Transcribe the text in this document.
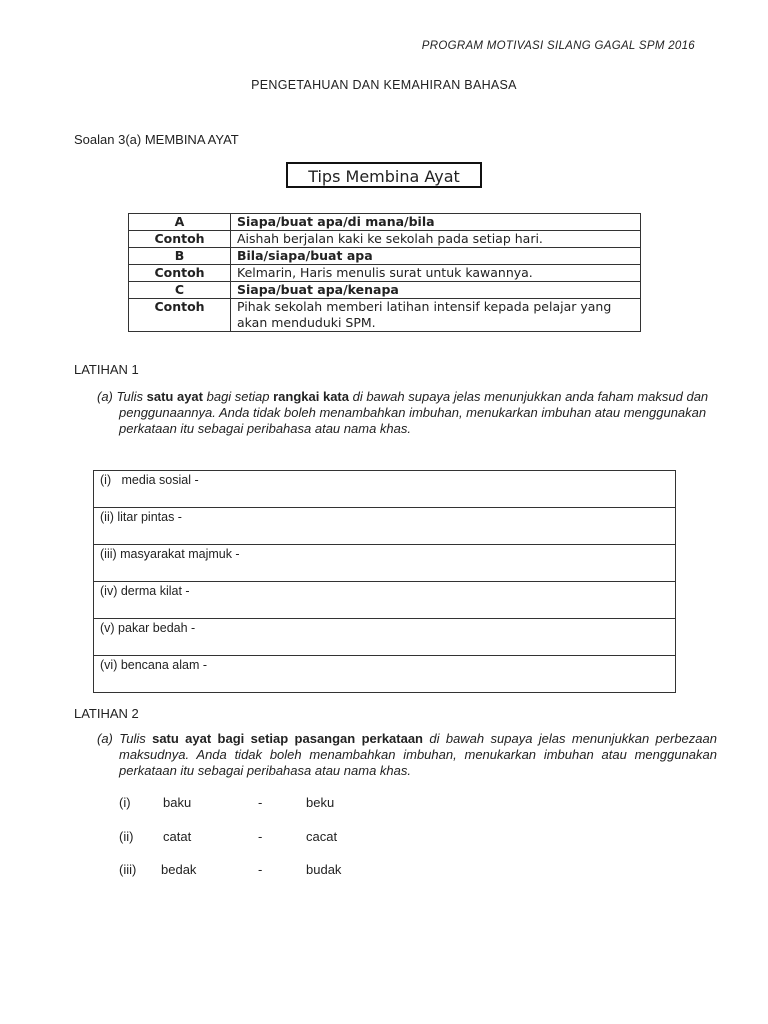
PROGRAM MOTIVASI SILANG GAGAL SPM 2016
PENGETAHUAN DAN KEMAHIRAN BAHASA
Soalan 3(a) MEMBINA AYAT
Tips Membina Ayat
A	Siapa/buat apa/di mana/bila
Contoh	Aishah berjalan kaki ke sekolah pada setiap hari.
B	Bila/siapa/buat apa
Contoh	Kelmarin, Haris menulis surat untuk kawannya.
C	Siapa/buat apa/kenapa
Contoh	Pihak sekolah memberi latihan intensif kepada pelajar yang akan menduduki SPM.
LATIHAN 1
(a) Tulis satu ayat bagi setiap rangkai kata di bawah supaya jelas menunjukkan anda faham maksud dan penggunaannya. Anda tidak boleh menambahkan imbuhan, menukarkan imbuhan atau menggunakan perkataan itu sebagai peribahasa atau nama khas.
(i)   media sosial -
(ii) litar pintas -
(iii) masyarakat majmuk -
(iv) derma kilat -
(v) pakar bedah -
(vi) bencana alam -
LATIHAN 2
(a) Tulis satu ayat bagi setiap pasangan perkataan di bawah supaya jelas menunjukkan perbezaan maksudnya. Anda tidak boleh menambahkan imbuhan, menukarkan imbuhan atau menggunakan perkataan itu sebagai peribahasa atau nama khas.
(i) baku	-	beku
(ii) catat	-	cacat
(iii) bedak	-	budak
